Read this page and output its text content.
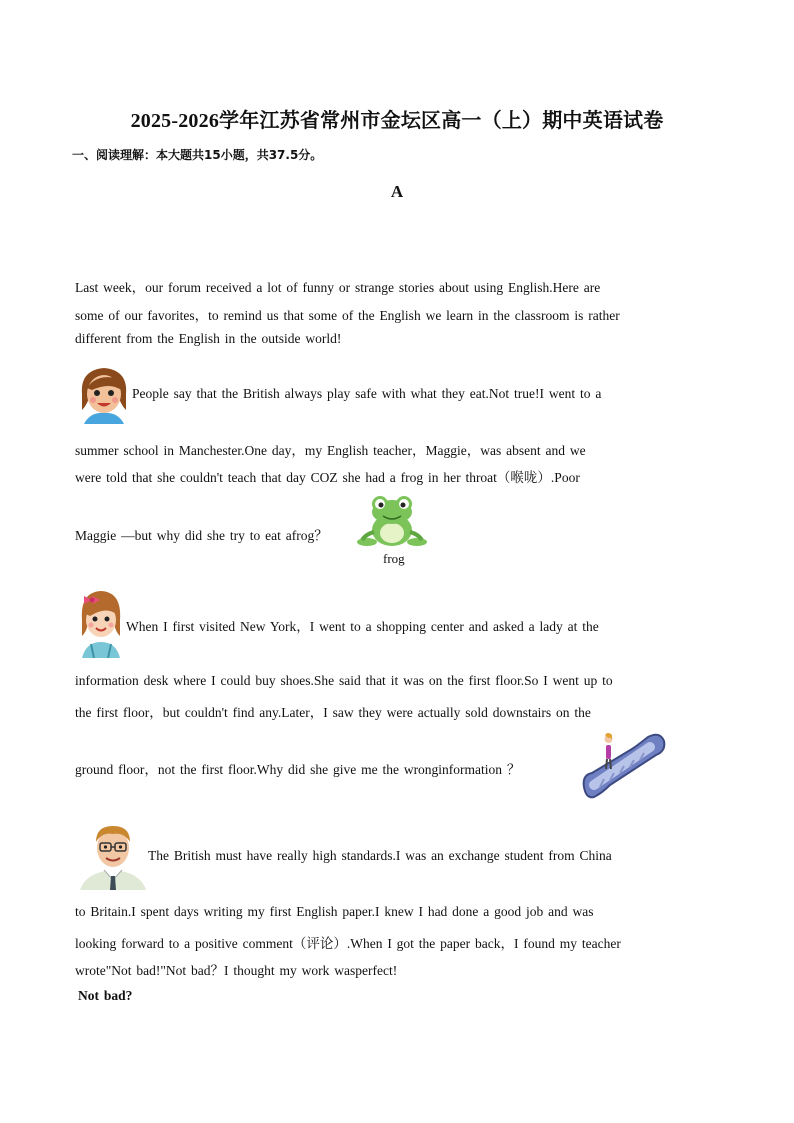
2025-2026学年江苏省常州市金坛区高一（上）期中英语试卷
一、阅读理解：本大题共15小题，共37.5分。
A
Last week，our forum received a lot of funny or strange stories about using English.Here are
some of our favorites，to remind us that some of the English we learn in the classroom is rather
different from the English in the outside world!
People say that the British always play safe with what they eat.Not true!I went to a
summer school in Manchester.One day，my English teacher，Maggie，was absent and we
were told that she couldn't teach that day COZ she had a frog in her throat（喉咙）.Poor
Maggie —but why did she try to eat afrog？
frog
When I first visited New York，I went to a shopping center and asked a lady at the
information desk where I could buy shoes.She said that it was on the first floor.So I went up to
the first floor，but couldn't find any.Later，I saw they were actually sold downstairs on the
ground floor，not the first floor.Why did she give me the wronginformation ？
The British must have really high standards.I was an exchange student from China
to Britain.I spent days writing my first English paper.I knew I had done a good job and was
looking forward to a positive comment（评论）.When I got the paper back，I found my teacher
wrote"Not bad!"Not bad？I thought my work wasperfect!
Not bad?
